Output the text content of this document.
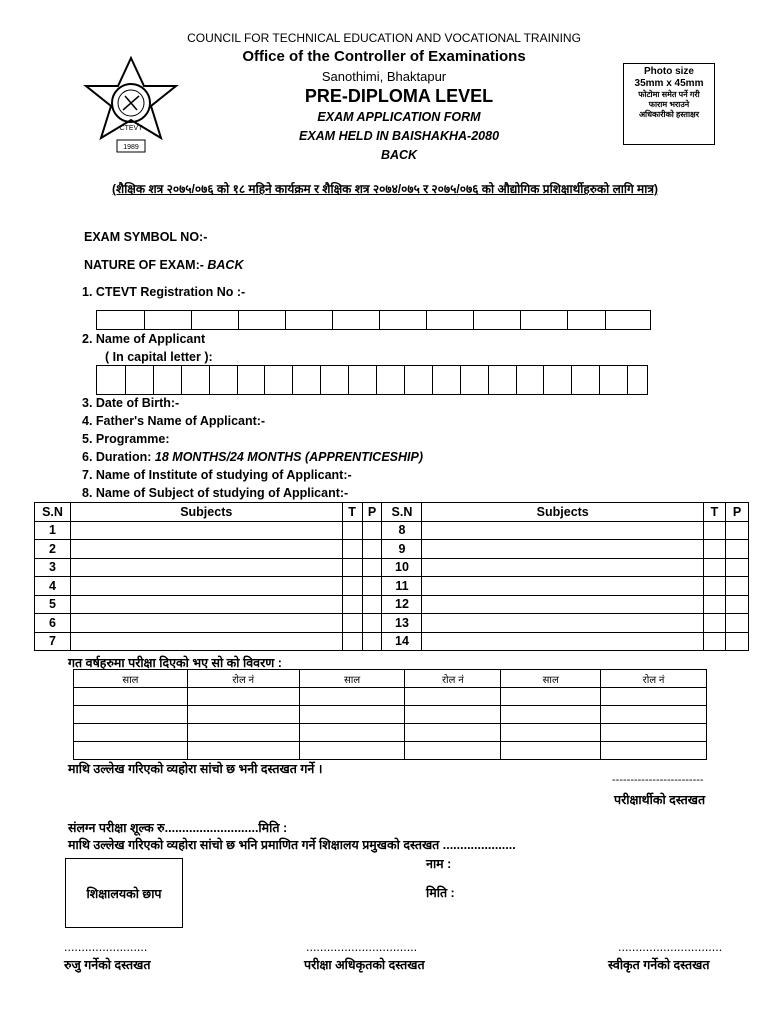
COUNCIL FOR TECHNICAL EDUCATION AND VOCATIONAL TRAINING
Office of the Controller of Examinations
Sanothimi, Bhaktapur
PRE-DIPLOMA LEVEL
EXAM APPLICATION FORM
EXAM HELD IN BAISHAKHA-2080
BACK
CTEVT
1989
Photo size
35mm x 45mm
फोटोमा समेत पर्ने गरी
फाराम भराउने
अधिकारीको हस्ताक्षर
(शैक्षिक शत्र २०७५/०७६ को १८ महिने कार्यक्रम र शैक्षिक शत्र २०७४/०७५ र २०७५/०७६ को औद्योगिक प्रशिक्षार्थीहरुको लागि मात्र)
EXAM SYMBOL NO:-
NATURE OF EXAM:- BACK
1. CTEVT Registration No :-
2. Name of Applicant
( In capital letter ):
3. Date of Birth:-
4. Father's Name of Applicant:-
5. Programme:
6. Duration: 18 MONTHS/24 MONTHS (APPRENTICESHIP)
7. Name of Institute of studying of Applicant:-
8. Name of Subject of studying of Applicant:-
S.N	Subjects	T	P	S.N	Subjects	T	P
1				8			
2				9			
3				10			
4				11			
5				12			
6				13			
7				14			
गत वर्षहरुमा परीक्षा दिएको भए सो को विवरण :
साल	रोल नं	साल	रोल नं	साल	रोल नं

माथि उल्लेख गरिएको व्यहोरा सांचो छ भनी दस्तखत गर्ने ।
-------------------------
परीक्षार्थीको दस्तखत
संलग्न परीक्षा शूल्क रु...........................मिति :
माथि उल्लेख गरिएको व्यहोरा सांचो छ भनि प्रमाणित गर्ने शिक्षालय प्रमुखको दस्तखत .....................
नाम :
मिति :
शिक्षालयको छाप
........................	................................	..............................
रुजु गर्नेको दस्तखत	परीक्षा अधिकृतको दस्तखत	स्वीकृत गर्नेको दस्तखत
